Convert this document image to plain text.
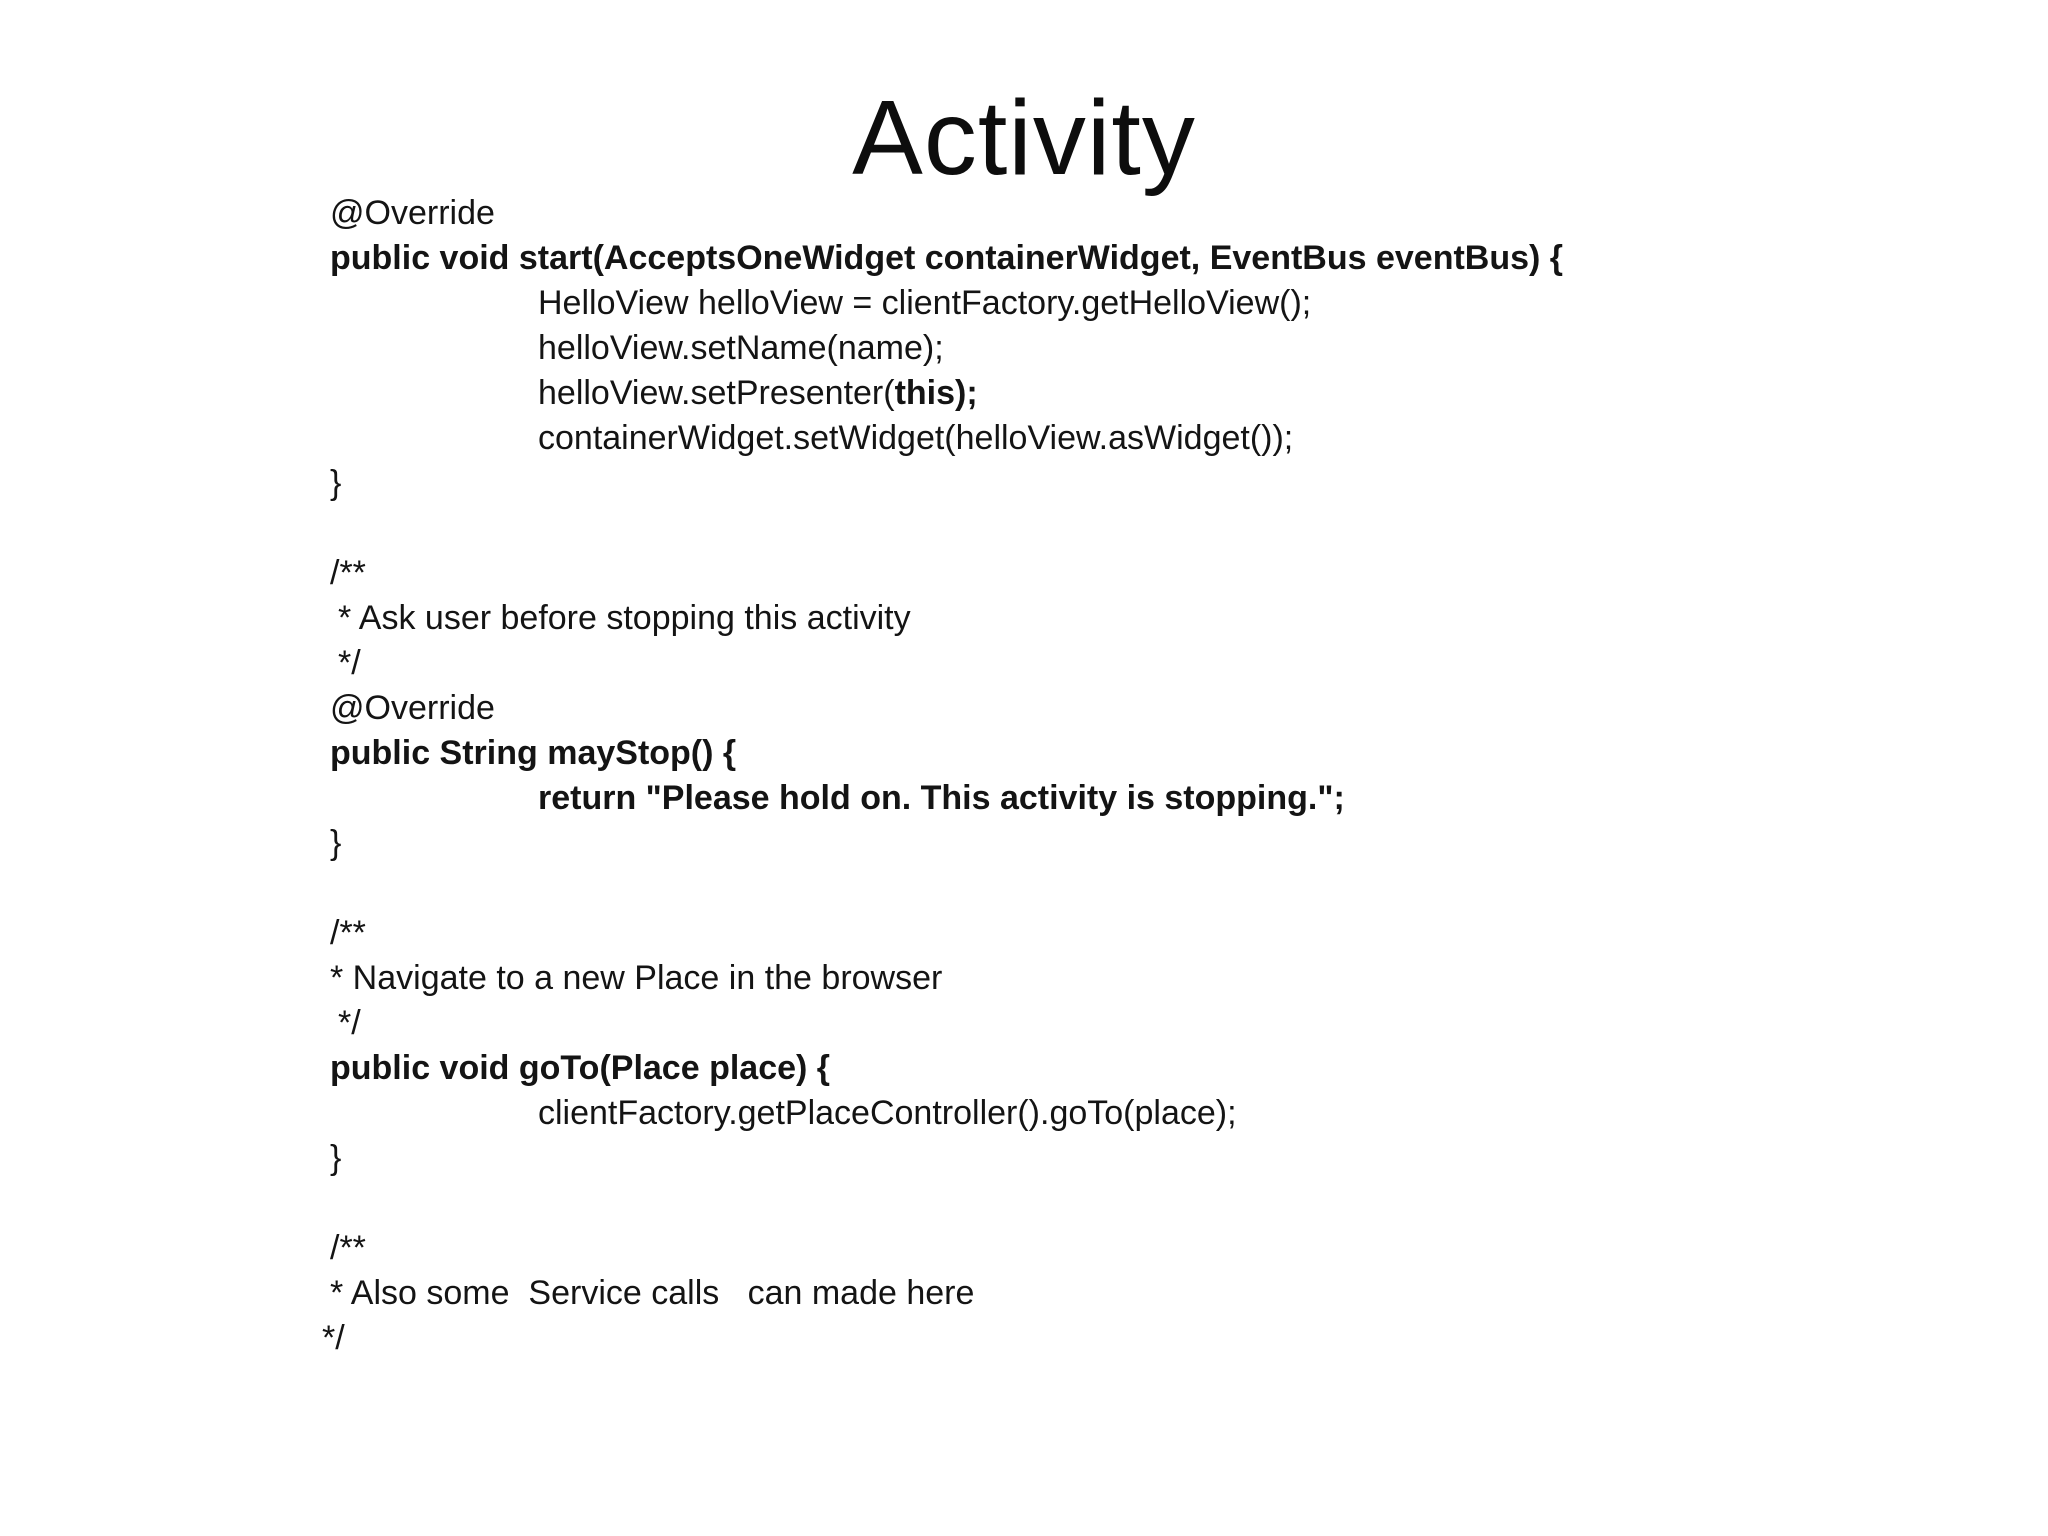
Activity
@Override
public void start(AcceptsOneWidget containerWidget, EventBus eventBus) {
HelloView helloView = clientFactory.getHelloView();
helloView.setName(name);
helloView.setPresenter(this);
containerWidget.setWidget(helloView.asWidget());
}
/**
* Ask user before stopping this activity
*/
@Override
public String mayStop() {
return "Please hold on. This activity is stopping.";
}
/**
* Navigate to a new Place in the browser
*/
public void goTo(Place place) {
clientFactory.getPlaceController().goTo(place);
}
/**
* Also some  Service calls   can made here
*/
